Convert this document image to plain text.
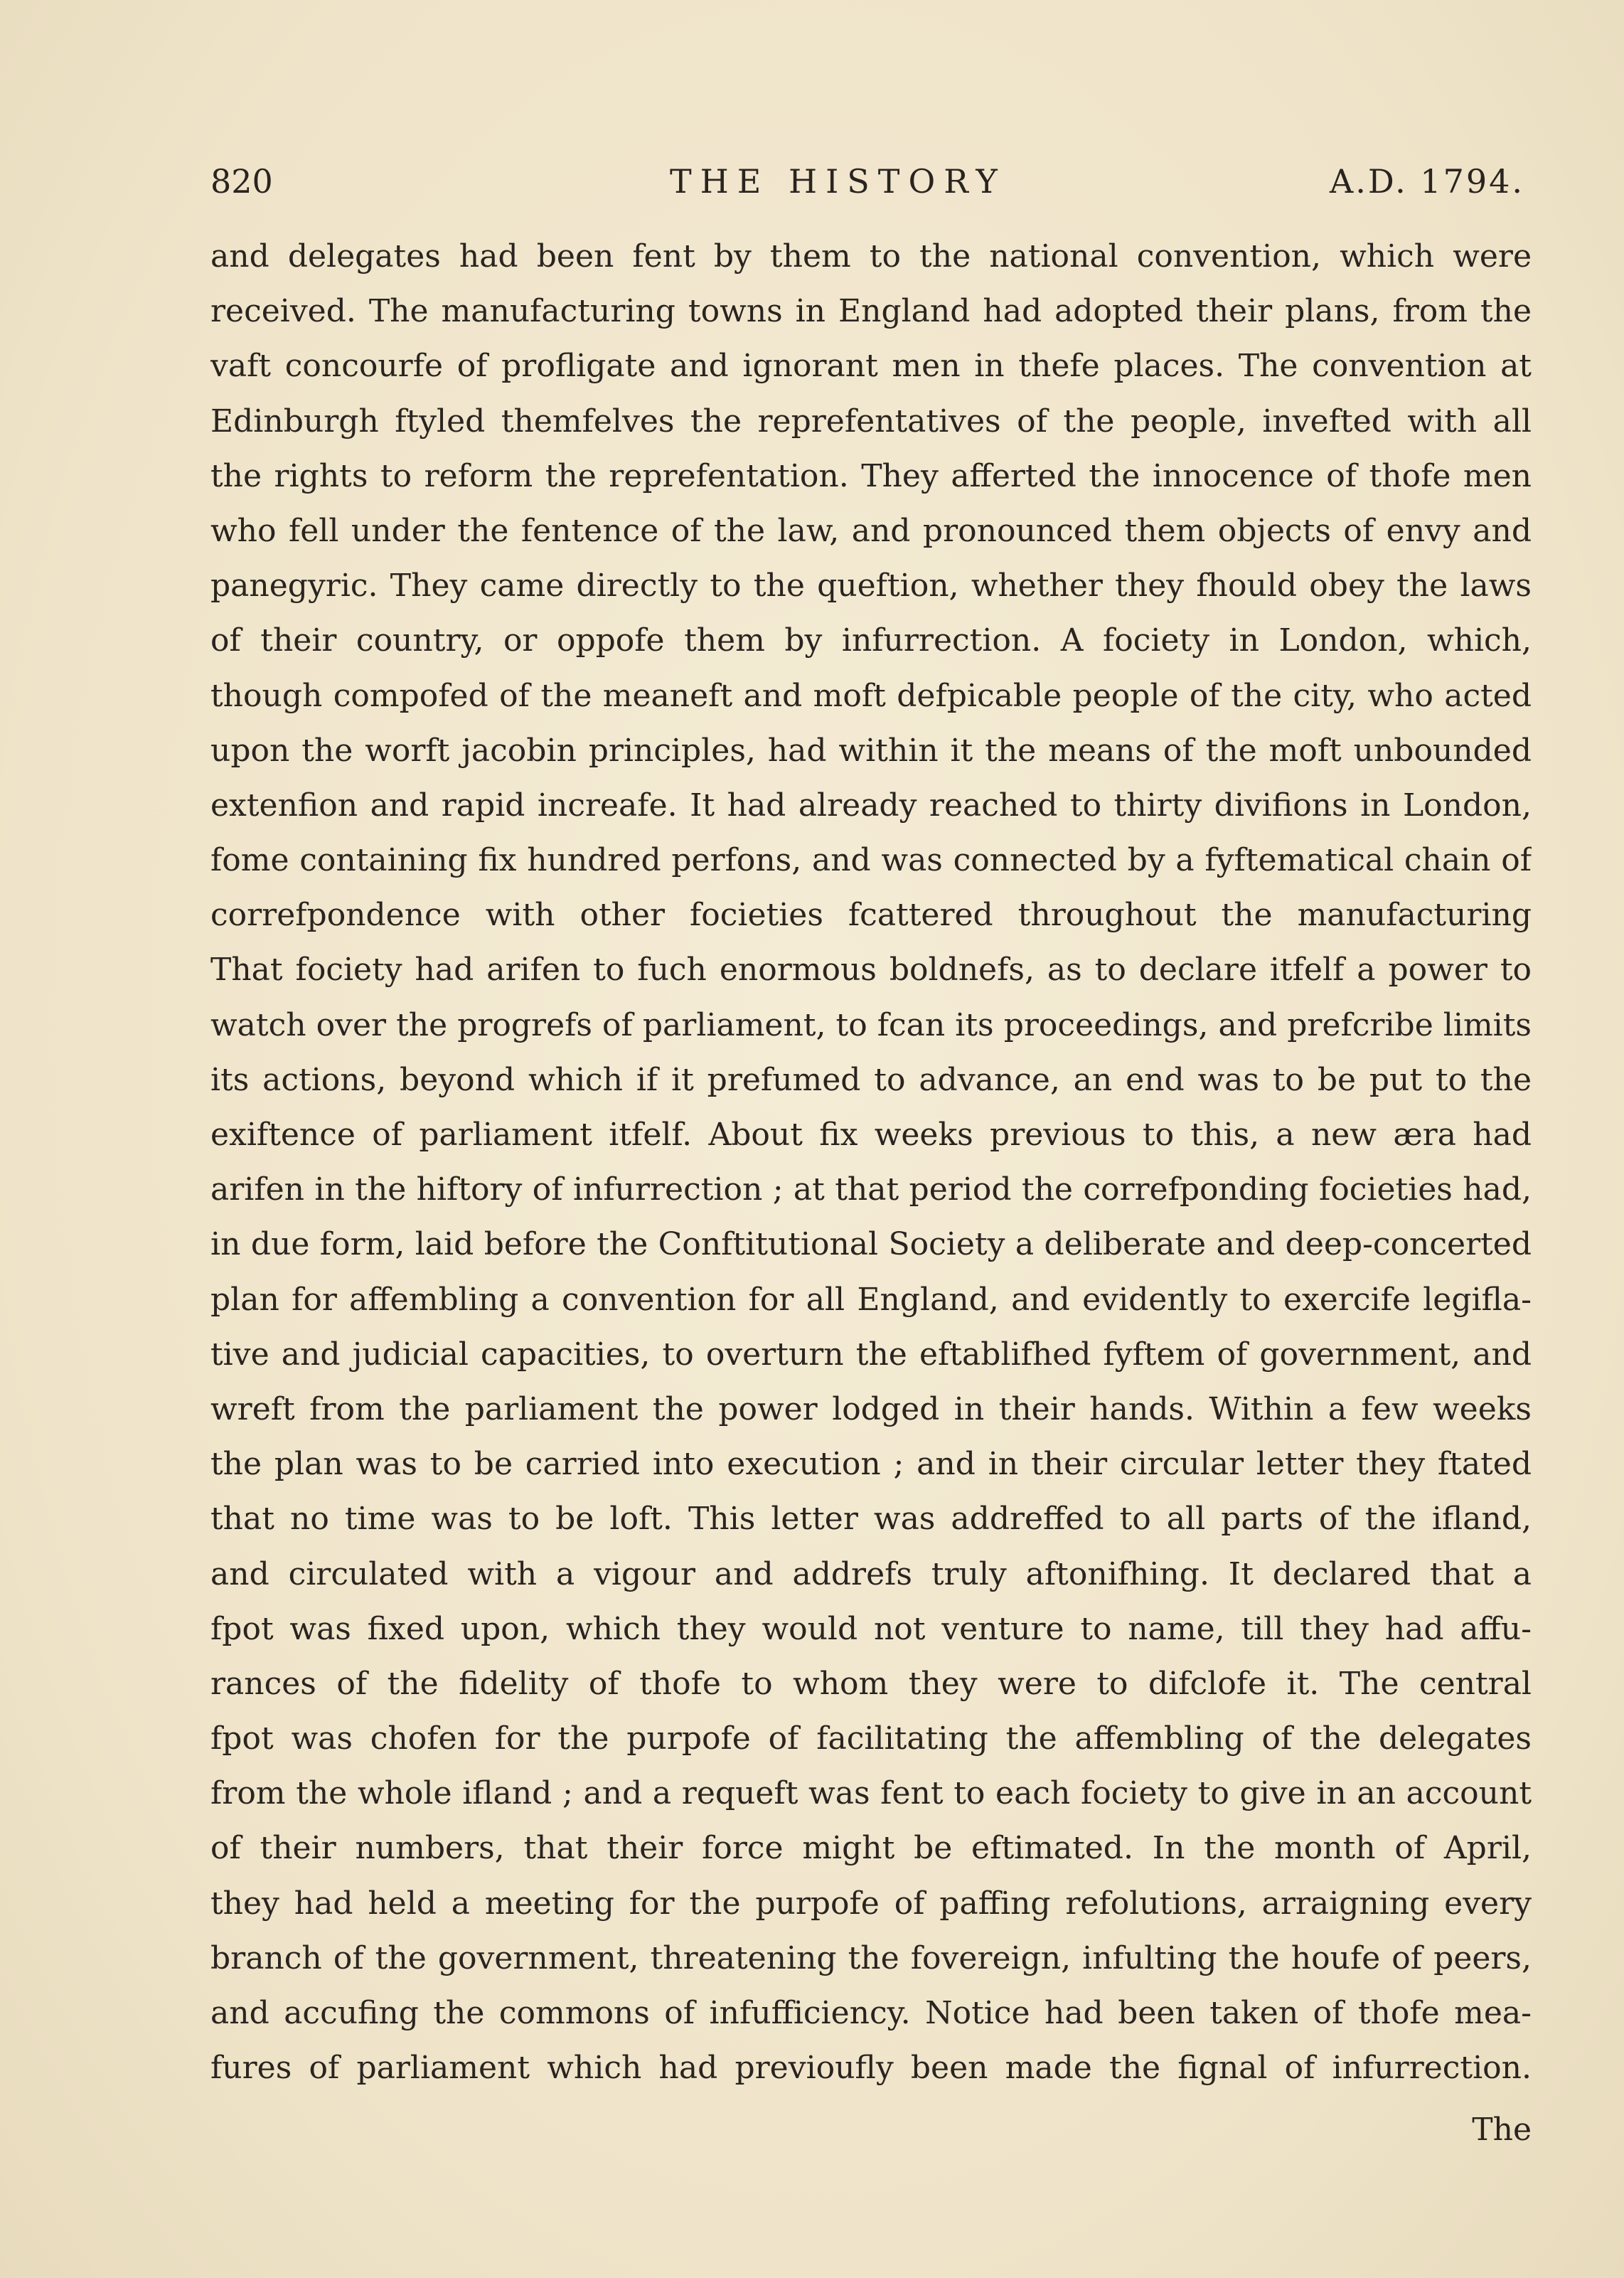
820	THE HISTORY	A.D. 1794.
and delegates had been fent by them to the national convention, which were
received. The manufacturing towns in England had adopted their plans, from the
vaft concourfe of profligate and ignorant men in thefe places. The convention at
Edinburgh ftyled themfelves the reprefentatives of the people, invefted with all
the rights to reform the reprefentation. They afferted the innocence of thofe men
who fell under the fentence of the law, and pronounced them objects of envy and
panegyric. They came directly to the queftion, whether they fhould obey the laws
of their country, or oppofe them by infurrection. A fociety in London, which,
though compofed of the meaneft and moft defpicable people of the city, who acted
upon the worft jacobin principles, had within it the means of the moft unbounded
extenfion and rapid increafe. It had already reached to thirty divifions in London,
fome containing fix hundred perfons, and was connected by a fyftematical chain of
correfpondence with other focieties fcattered throughout the manufacturing
That fociety had arifen to fuch enormous boldnefs, as to declare itfelf a power to
watch over the progrefs of parliament, to fcan its proceedings, and prefcribe limits
its actions, beyond which if it prefumed to advance, an end was to be put to the
exiftence of parliament itfelf. About fix weeks previous to this, a new æra had
arifen in the hiftory of infurrection ; at that period the correfponding focieties had,
in due form, laid before the Conftitutional Society a deliberate and deep-concerted
plan for affembling a convention for all England, and evidently to exercife legifla-
tive and judicial capacities, to overturn the eftablifhed fyftem of government, and
wreft from the parliament the power lodged in their hands. Within a few weeks
the plan was to be carried into execution ; and in their circular letter they ftated
that no time was to be loft. This letter was addreffed to all parts of the ifland,
and circulated with a vigour and addrefs truly aftonifhing. It declared that a
fpot was fixed upon, which they would not venture to name, till they had affu-
rances of the fidelity of thofe to whom they were to difclofe it. The central
fpot was chofen for the purpofe of facilitating the affembling of the delegates
from the whole ifland ; and a requeft was fent to each fociety to give in an account
of their numbers, that their force might be eftimated. In the month of April,
they had held a meeting for the purpofe of paffing refolutions, arraigning every
branch of the government, threatening the fovereign, infulting the houfe of peers,
and accufing the commons of infufficiency. Notice had been taken of thofe mea-
fures of parliament which had previoufly been made the fignal of infurrection.
The
